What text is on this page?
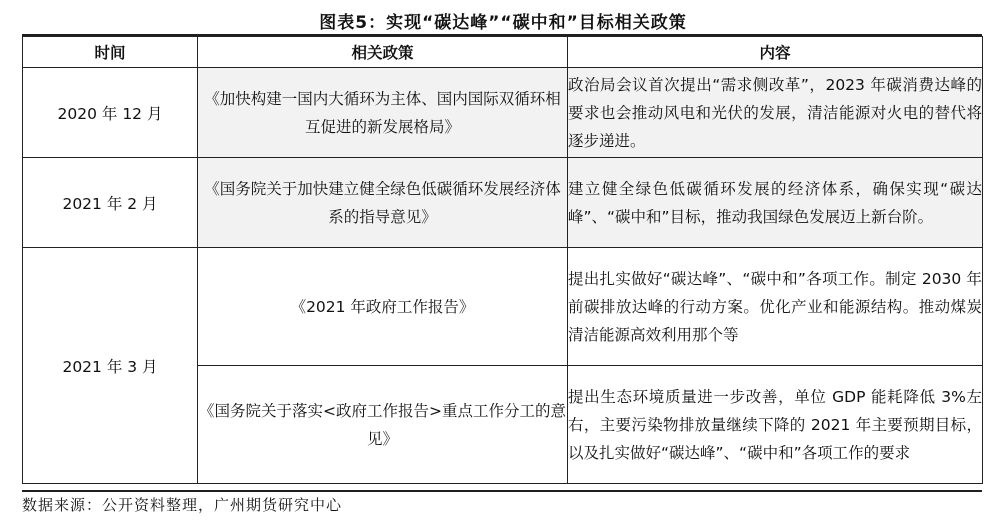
图表5：实现“碳达峰”“碳中和”目标相关政策
时间	相关政策	内容
2020 年 12 月	《加快构建一国内大循环为主体、国内国际双循环相互促进的新发展格局》	政治局会议首次提出“需求侧改革”，2023 年碳消费达峰的要求也会推动风电和光伏的发展，清洁能源对火电的替代将逐步递进。
2021 年 2 月	《国务院关于加快建立健全绿色低碳循环发展经济体系的指导意见》	建立健全绿色低碳循环发展的经济体系，确保实现“碳达峰”、“碳中和”目标，推动我国绿色发展迈上新台阶。
2021 年 3 月	《2021 年政府工作报告》	提出扎实做好“碳达峰”、“碳中和”各项工作。制定 2030 年前碳排放达峰的行动方案。优化产业和能源结构。推动煤炭清洁能源高效利用那个等
	《国务院关于落实<政府工作报告>重点工作分工的意见》	提出生态环境质量进一步改善，单位 GDP 能耗降低 3%左右，主要污染物排放量继续下降的 2021 年主要预期目标，以及扎实做好“碳达峰”、“碳中和”各项工作的要求
数据来源：公开资料整理，广州期货研究中心
